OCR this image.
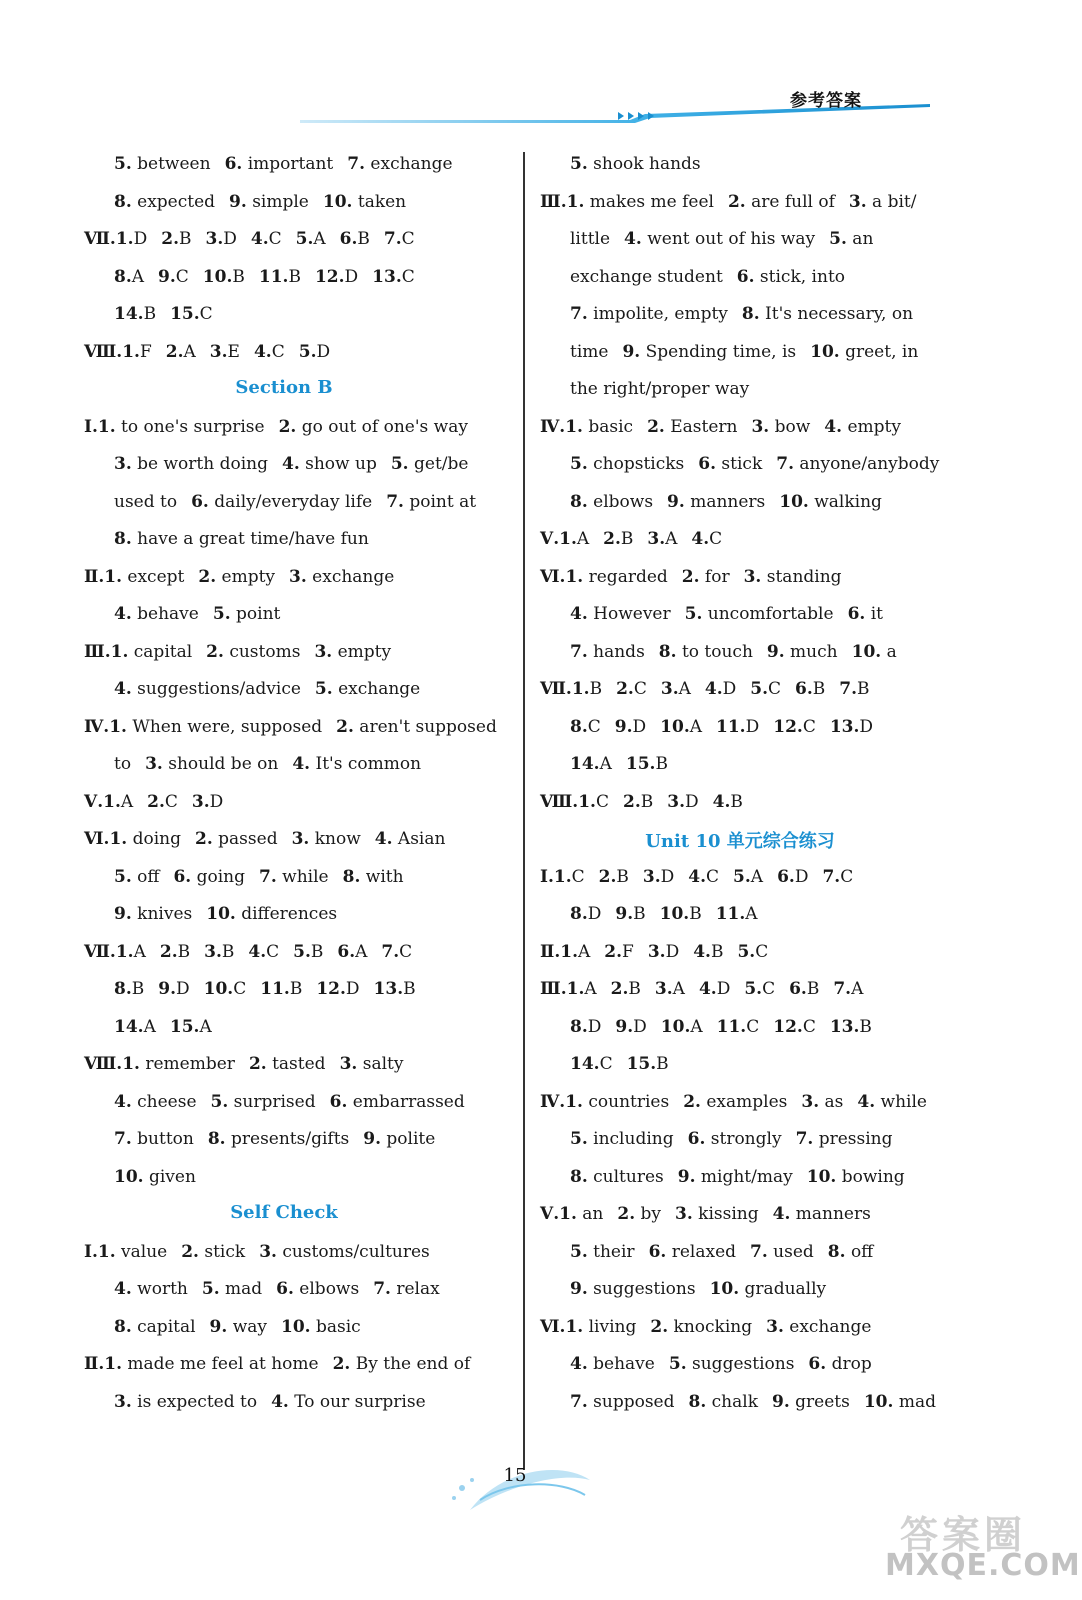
参考答案
5. between 6. important 7. exchange
8. expected 9. simple 10. taken
Ⅶ.1.D 2.B 3.D 4.C 5.A 6.B 7.C
8.A 9.C 10.B 11.B 12.D 13.C
14.B 15.C
Ⅷ.1.F 2.A 3.E 4.C 5.D
Section B
Ⅰ.1. to one's surprise 2. go out of one's way
3. be worth doing 4. show up 5. get/be
used to 6. daily/everyday life 7. point at
8. have a great time/have fun
Ⅱ.1. except 2. empty 3. exchange
4. behave 5. point
Ⅲ.1. capital 2. customs 3. empty
4. suggestions/advice 5. exchange
Ⅳ.1. When were, supposed 2. aren't supposed
to 3. should be on 4. It's common
Ⅴ.1.A 2.C 3.D
Ⅵ.1. doing 2. passed 3. know 4. Asian
5. off 6. going 7. while 8. with
9. knives 10. differences
Ⅶ.1.A 2.B 3.B 4.C 5.B 6.A 7.C
8.B 9.D 10.C 11.B 12.D 13.B
14.A 15.A
Ⅷ.1. remember 2. tasted 3. salty
4. cheese 5. surprised 6. embarrassed
7. button 8. presents/gifts 9. polite
10. given
Self Check
Ⅰ.1. value 2. stick 3. customs/cultures
4. worth 5. mad 6. elbows 7. relax
8. capital 9. way 10. basic
Ⅱ.1. made me feel at home 2. By the end of
3. is expected to 4. To our surprise
5. shook hands
Ⅲ.1. makes me feel 2. are full of 3. a bit/
little 4. went out of his way 5. an
exchange student 6. stick, into
7. impolite, empty 8. It's necessary, on
time 9. Spending time, is 10. greet, in
the right/proper way
Ⅳ.1. basic 2. Eastern 3. bow 4. empty
5. chopsticks 6. stick 7. anyone/anybody
8. elbows 9. manners 10. walking
Ⅴ.1.A 2.B 3.A 4.C
Ⅵ.1. regarded 2. for 3. standing
4. However 5. uncomfortable 6. it
7. hands 8. to touch 9. much 10. a
Ⅶ.1.B 2.C 3.A 4.D 5.C 6.B 7.B
8.C 9.D 10.A 11.D 12.C 13.D
14.A 15.B
Ⅷ.1.C 2.B 3.D 4.B
Unit 10 单元综合练习
Ⅰ.1.C 2.B 3.D 4.C 5.A 6.D 7.C
8.D 9.B 10.B 11.A
Ⅱ.1.A 2.F 3.D 4.B 5.C
Ⅲ.1.A 2.B 3.A 4.D 5.C 6.B 7.A
8.D 9.D 10.A 11.C 12.C 13.B
14.C 15.B
Ⅳ.1. countries 2. examples 3. as 4. while
5. including 6. strongly 7. pressing
8. cultures 9. might/may 10. bowing
Ⅴ.1. an 2. by 3. kissing 4. manners
5. their 6. relaxed 7. used 8. off
9. suggestions 10. gradually
Ⅵ.1. living 2. knocking 3. exchange
4. behave 5. suggestions 6. drop
7. supposed 8. chalk 9. greets 10. mad
15
答案圈
MXQE.COM
